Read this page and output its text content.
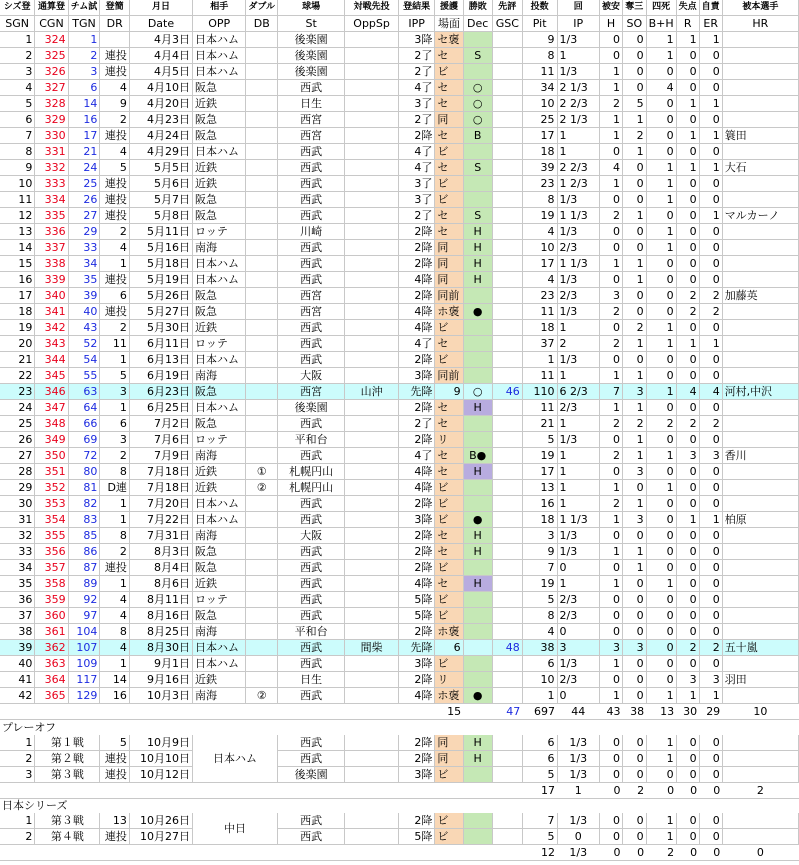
シズ登	通算登	チム試	登簡	月日	相手	ダブル	球場	対戦先投	登結果	援護	勝敗	先評	投数	回	被安	奪三	四死	失点	自責	被本選手
SGN	CGN	TGN	DR	Date	OPP	DB	St	OppSp	IPP	場面	Dec	GSC	Pit	IP	H	SO	B+H	R	ER	HR
1	324	1		4月3日	日本ハム		後楽園		3降	セ褒			9	1/3	0	0	1	1	1	
2	325	2	連投	4月4日	日本ハム		後楽園		2了	セ	S		8	1	0	0	1	0	0	
3	326	3	連投	4月5日	日本ハム		後楽園		2了	ビ			11	1/3	1	0	0	0	0	
4	327	6	4	4月10日	阪急		西武		4了	セ	○		34	2 1/3	1	0	4	0	0	
5	328	14	9	4月20日	近鉄		日生		3了	セ	○		10	2 2/3	2	5	0	1	1	
6	329	16	2	4月23日	阪急		西宮		2了	同	○		25	2 1/3	1	1	0	0	0	
7	330	17	連投	4月24日	阪急		西宮		2降	セ	B		17	1	1	2	0	1	1	簑田
8	331	21	4	4月29日	日本ハム		西武		4了	ビ			18	1	0	1	0	0	0	
9	332	24	5	5月5日	近鉄		西武		4了	セ	S		39	2 2/3	4	0	1	1	1	大石
10	333	25	連投	5月6日	近鉄		西武		3了	ビ			23	1 2/3	1	0	1	0	0	
11	334	26	連投	5月7日	阪急		西武		3了	ビ			8	1/3	0	0	1	0	0	
12	335	27	連投	5月8日	阪急		西武		2了	セ	S		19	1 1/3	2	1	0	0	1	マルカーノ
13	336	29	2	5月11日	ロッテ		川崎		2降	セ	H		4	1/3	0	0	1	0	0	
14	337	33	4	5月16日	南海		西武		2降	同	H		10	2/3	0	0	1	0	0	
15	338	34	1	5月18日	日本ハム		西武		2降	同	H		17	1 1/3	1	1	0	0	0	
16	339	35	連投	5月19日	日本ハム		西武		4降	同	H		4	1/3	0	1	0	0	0	
17	340	39	6	5月26日	阪急		西宮		2降	同前			23	2/3	3	0	0	2	2	加藤英
18	341	40	連投	5月27日	阪急		西宮		4降	ホ褒	●		11	1/3	2	0	0	2	2	
19	342	43	2	5月30日	近鉄		西武		4降	ビ			18	1	0	2	1	0	0	
20	343	52	11	6月11日	ロッテ		西武		4了	セ			37	2	2	1	1	1	1	
21	344	54	1	6月13日	日本ハム		西武		2降	ビ			1	1/3	0	0	0	0	0	
22	345	55	5	6月19日	南海		大阪		3降	同前			11	1	1	1	0	0	0	
23	346	63	3	6月23日	阪急		西宮	山沖	先降	9	○	46	110	6 2/3	7	3	1	4	4	河村,中沢
24	347	64	1	6月25日	日本ハム		後楽園		2降	セ	H		11	2/3	1	1	0	0	0	
25	348	66	6	7月2日	阪急		西武		2了	セ			21	1	2	2	2	2	2	
26	349	69	3	7月6日	ロッテ		平和台		2降	リ			5	1/3	0	1	0	0	0	
27	350	72	2	7月9日	南海		西武		4了	セ	B●		19	1	2	1	1	3	3	香川
28	351	80	8	7月18日	近鉄	①	札幌円山		4降	セ	H		17	1	0	3	0	0	0	
29	352	81	D連	7月18日	近鉄	②	札幌円山		4降	ビ			13	1	1	0	1	0	0	
30	353	82	1	7月20日	日本ハム		西武		2降	ビ			16	1	2	1	0	0	0	
31	354	83	1	7月22日	日本ハム		西武		3降	ビ	●		18	1 1/3	1	3	0	1	1	柏原
32	355	85	8	7月31日	南海		大阪		2降	セ	H		3	1/3	0	0	0	0	0	
33	356	86	2	8月3日	阪急		西武		2降	セ	H		9	1/3	1	1	0	0	0	
34	357	87	連投	8月4日	阪急		西武		2降	ビ			7	0	0	1	0	0	0	
35	358	89	1	8月6日	近鉄		西武		4降	セ	H		19	1	1	0	1	0	0	
36	359	92	4	8月11日	ロッテ		西武		5降	ビ			5	2/3	0	0	0	0	0	
37	360	97	4	8月16日	阪急		西武		5降	ビ			8	2/3	0	0	0	0	0	
38	361	104	8	8月25日	南海		平和台		2降	ホ褒			4	0	0	0	0	0	0	
39	362	107	4	8月30日	日本ハム		西武	間柴	先降	6		48	38	3	3	3	0	2	2	五十嵐
40	363	109	1	9月1日	日本ハム		西武		3降	ビ			6	1/3	1	0	0	0	0	
41	364	117	14	9月16日	近鉄		日生		2降	リ			10	2/3	0	0	0	3	3	羽田
42	365	129	16	10月3日	南海	②	西武		4降	ホ褒	●		1	0	1	0	1	1	1	
										15		47	697	44	43	38	13	30	29	10

プレーオフ																				
1	第１戦		5	10月9日	日本ハム		西武		2降	同	H		6	1/3	0	0	1	0	0	
2	第２戦		連投	10月10日			西武		2降	同	H		6	1/3	0	0	1	0	0	
3	第３戦		連投	10月12日			後楽園		3降	ビ			5	1/3	0	0	0	0	0	
													17	1	0	2	0	0	0	2

日本シリーズ																				
1	第３戦		13	10月26日	中日		西武		2降	ビ			7	1/3	0	0	1	0	0	
2	第４戦		連投	10月27日			西武		5降	ビ			5	0	0	0	1	0	0	
													12	1/3	0	0	2	0	0	0
